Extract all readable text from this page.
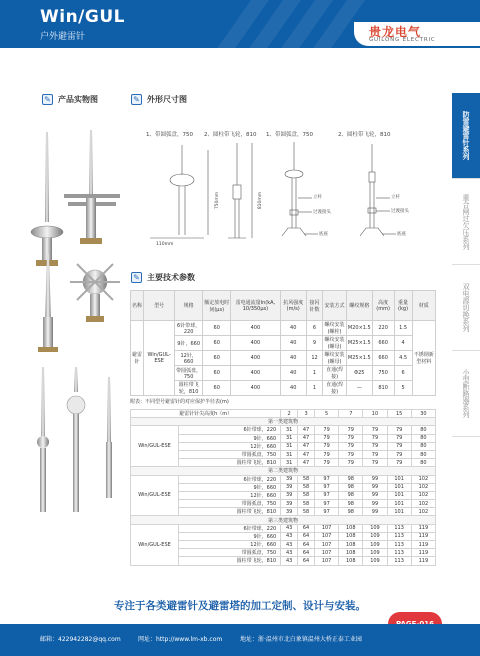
Win/GUL
户外避雷针	贵龙电气
GUILONG ELECTRIC
✎ 产品实物图	✎ 外形尺寸图
✎ 主要技术参数
防雷避雷针系列
重合闸过欠压系列
双电源切换系列
小型断路器系列
1、带圆弧盘，750 2、圆柱带飞轮，810 1、带圆弧盘，750	2、圆柱带飞轮，810
750mm	810mm
110mm
立杆
过渡接头
底座
立杆
过渡接头
底座
名称	型号	规格	额定放电时间(μs)	雷电通流量In(kA, 10/350μs)	抗风强度(m/s)	接闪针数	安装方式	螺纹规格	高度(mm)	重量(kg)	材质
避雷针	Win/GUL-ESE	6针带球，220	60	400	40	6	螺纹安装(螺栓)	M20×1.5	220	1.5	不锈钢新型材料
		9针，660	60	400	40	9	螺纹安装(螺母)	M25×1.5	660	4	
		12针，660	60	400	40	12	螺纹安装(螺母)	M25×1.5	660	4.5	
		带圆弧盘，750	60	400	40	1	直通(焊接)	Φ25	750	6	
		圆柱带飞轮，810	60	400	40	1	直通(焊接)	—	810	5	
附表：不同型号避雷针的对应保护半径表(m)
避雷针针尖高度h（m）		2	3	5	7	10	15	30
第一类建筑物								
Win/GUL-ESE	6针带球，220	31	47	79	79	79	79	80
	9针，660	31	47	79	79	79	79	80
	12针，660	31	47	79	79	79	79	80
	带圆弧盘，750	31	47	79	79	79	79	80
	圆柱带飞轮，810	31	47	79	79	79	79	80
第二类建筑物								
Win/GUL-ESE	6针带球，220	39	58	97	98	99	101	102
	9针，660	39	58	97	98	99	101	102
	12针，660	39	58	97	98	99	101	102
	带圆弧盘，750	39	58	97	98	99	101	102
	圆柱带飞轮，810	39	58	97	98	99	101	102
第三类建筑物								
Win/GUL-ESE	6针带球，220	43	64	107	108	109	113	119
	9针，660	43	64	107	108	109	113	119
	12针，660	43	64	107	108	109	113	119
	带圆弧盘，750	43	64	107	108	109	113	119
	圆柱带飞轮，810	43	64	107	108	109	113	119
专注于各类避雷针及避雷塔的加工定制、设计与安装。
邮箱：422942282@qq.com	网址：http://www.lm-xb.com	地址：浙·温州市北白象镇温州大桥正泰工业园
